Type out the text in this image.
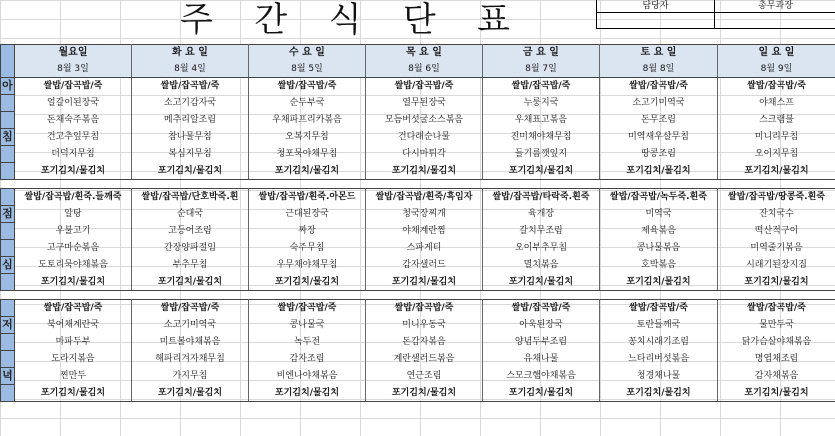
주 간 식 단 표	담당자	총무과장
	월요일	화 요 일	수 요 일	목 요 일	금 요 일	토 요 일	일 요 일
	8월 3일	8월 4일	8월 5일	8월 6일	8월 7일	8월 8일	8월 9일
아	쌀밥/잡곡밥/죽	쌀밥/잡곡밥/죽	쌀밥/잡곡밥/죽	쌀밥/잡곡밥/죽	쌀밥/잡곡밥/죽	쌀밥/잡곡밥/죽	쌀밥/잡곡밥/죽
	얼갈이된장국	소고기감자국	순두부국	열무된장국	누룽지국	소고기미역국	야채스프
	돈채숙주볶음	메추리알조림	우채파프리카볶음	모듬버섯굴소스볶음	우채표고볶음	돈무조림	스크램블
침	건고추잎무침	참나물무침	오복지무침	건다래순나물	진미채야채무침	미역새우살무침	미니리무침
	더덕지무침	복심지무침	청포묵야채무침	다시마튀각	들기름깻잎지	땅콩조림	오이지무침
	포기김치/물김치	포기김치/물김치	포기김치/물김치	포기김치/물김치	포기김치/물김치	포기김치/물김치	포기김치/물김치

	쌀밥/잡곡밥/흰죽.들깨죽	쌀밥/잡곡밥/단호박죽.흰	쌀밥/잡곡밥/흰죽.아몬드	쌀밥/잡곡밥/흰죽/흑임자	쌀밥/잡곡밥/타락죽.흰죽	쌀밥/잡곡밥/녹두죽.흰죽	쌀밥/잡곡밥/땅콩죽.흰죽
점	알탕	순대국	근대된장국	청국장찌개	육개장	미역국	잔치국수
	우불고기	고등어조림	짜장	야채계란찜	갈치무조림	제육볶음	떡산적구이
	고구마순볶음	간장양파절임	숙주무침	스파게티	오이부추무침	콩나물볶음	미역줄기볶음
심	도토리묵야채볶음	부추무침	우무채야채무침	감자샐러드	멸치볶음	호박볶음	시래기된장지짐
	포기김치/물김치	포기김치/물김치	포기김치/물김치	포기김치/물김치	포기김치/물김치	포기김치/물김치	포기김치/물김치

	쌀밥/잡곡밥/죽	쌀밥/잡곡밥/죽	쌀밥/잡곡밥/죽	쌀밥/잡곡밥/죽	쌀밥/잡곡밥/죽	쌀밥/잡곡밥/죽	쌀밥/잡곡밥/죽
저	북어채계란국	소고기미역국	콩나물국	미니우동국	아욱된장국	토란들깨국	물만두국
	마파두부	미트볼야채볶음	녹두전	돈감자볶음	양념두부조림	꽁치시래기조림	닭가슴살야채볶음
	도라지볶음	해파리겨자채무침	감자조림	계란샐러드볶음	유채나물	느타리버섯볶음	명엽채조림
녁	찐만두	가지무침	비엔나야채볶음	연근조림	스모크햄야채볶음	청경채나물	감자채볶음
	포기김치/물김치	포기김치/물김치	포기김치/물김치	포기김치/물김치	포기김치/물김치	포기김치/물김치	포기김치/물김치
